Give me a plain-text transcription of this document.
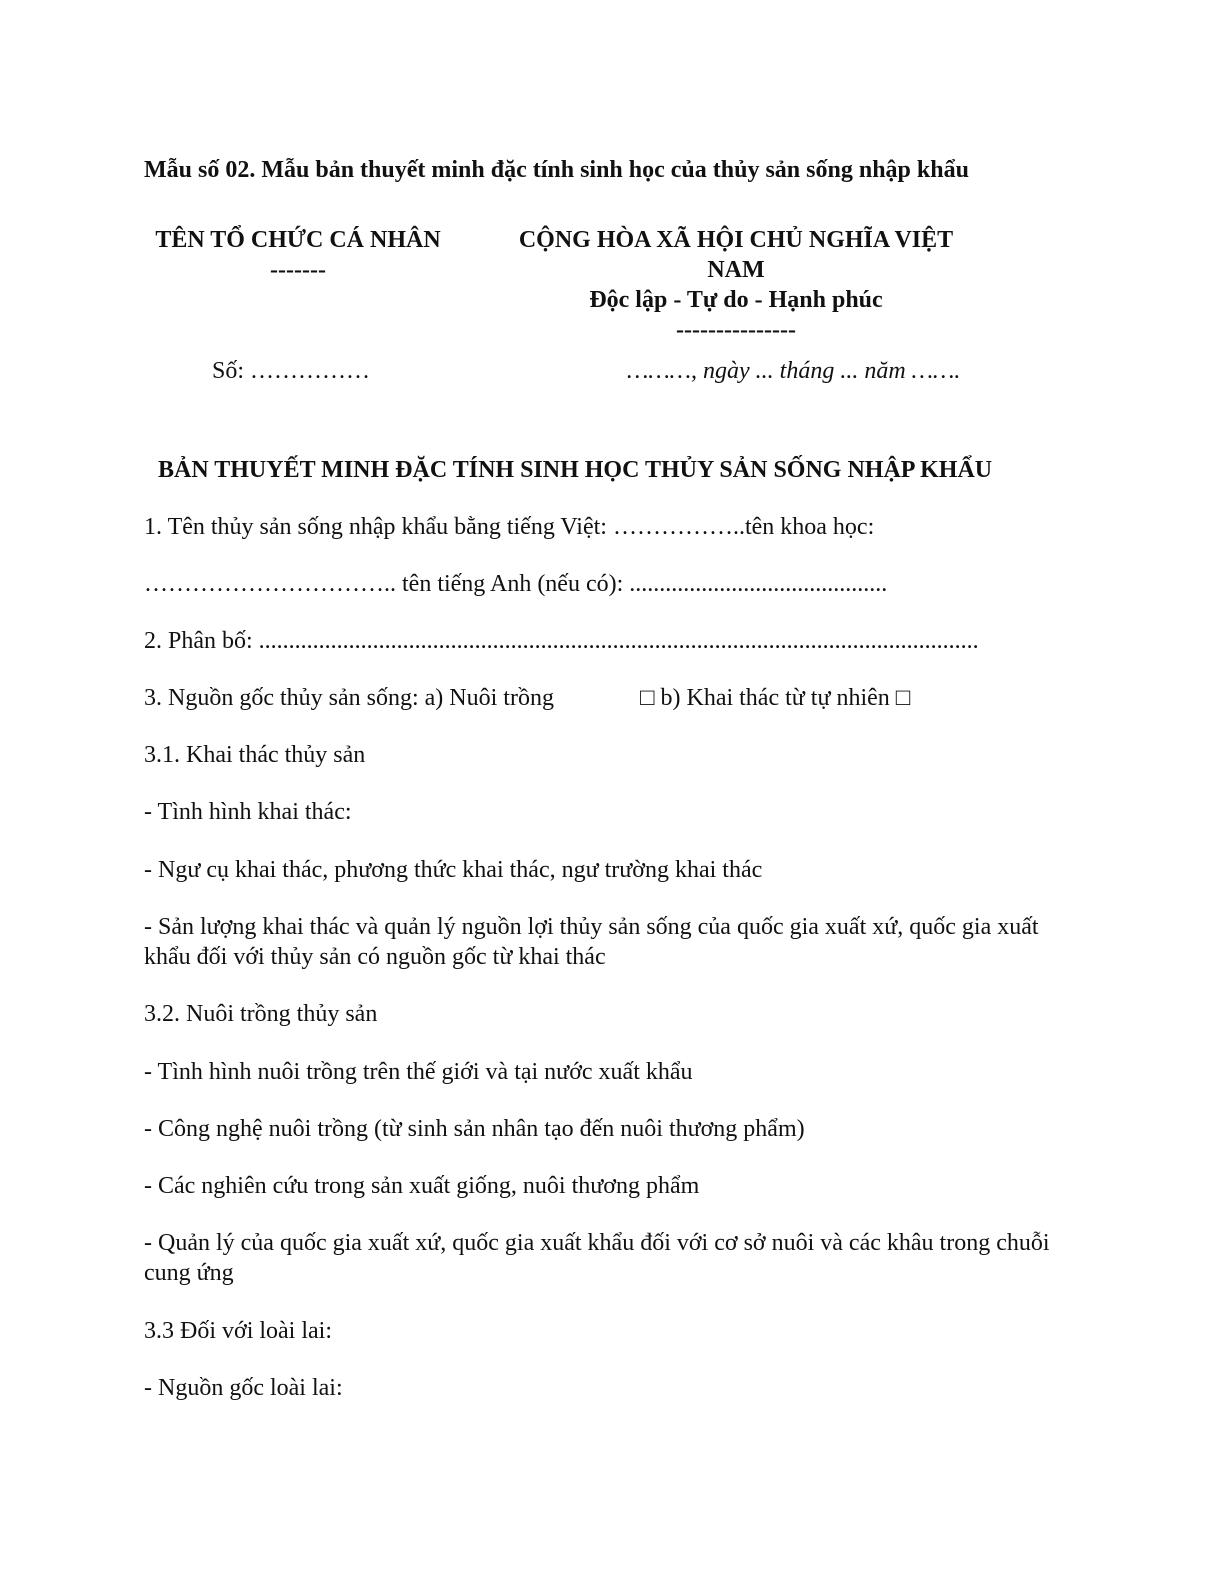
Mẫu số 02. Mẫu bản thuyết minh đặc tính sinh học của thủy sản sống nhập khẩu
TÊN TỔ CHỨC CÁ NHÂN
-------
Số: ……………
CỘNG HÒA XÃ HỘI CHỦ NGHĨA VIỆT
NAM
Độc lập - Tự do - Hạnh phúc
---------------
………, ngày ... tháng ... năm …….
BẢN THUYẾT MINH ĐẶC TÍNH SINH HỌC THỦY SẢN SỐNG NHẬP KHẨU
1. Tên thủy sản sống nhập khẩu bằng tiếng Việt: ……………..tên khoa học:
………………………….. tên tiếng Anh (nếu có): ...........................................
2. Phân bố: ........................................................................................................................
3. Nguồn gốc thủy sản sống: a) Nuôi trồng	□ b) Khai thác từ tự nhiên □
3.1. Khai thác thủy sản
- Tình hình khai thác:
- Ngư cụ khai thác, phương thức khai thác, ngư trường khai thác
- Sản lượng khai thác và quản lý nguồn lợi thủy sản sống của quốc gia xuất xứ, quốc gia xuất khẩu đối với thủy sản có nguồn gốc từ khai thác
3.2. Nuôi trồng thủy sản
- Tình hình nuôi trồng trên thế giới và tại nước xuất khẩu
- Công nghệ nuôi trồng (từ sinh sản nhân tạo đến nuôi thương phẩm)
- Các nghiên cứu trong sản xuất giống, nuôi thương phẩm
- Quản lý của quốc gia xuất xứ, quốc gia xuất khẩu đối với cơ sở nuôi và các khâu trong chuỗi cung ứng
3.3 Đối với loài lai:
- Nguồn gốc loài lai:
